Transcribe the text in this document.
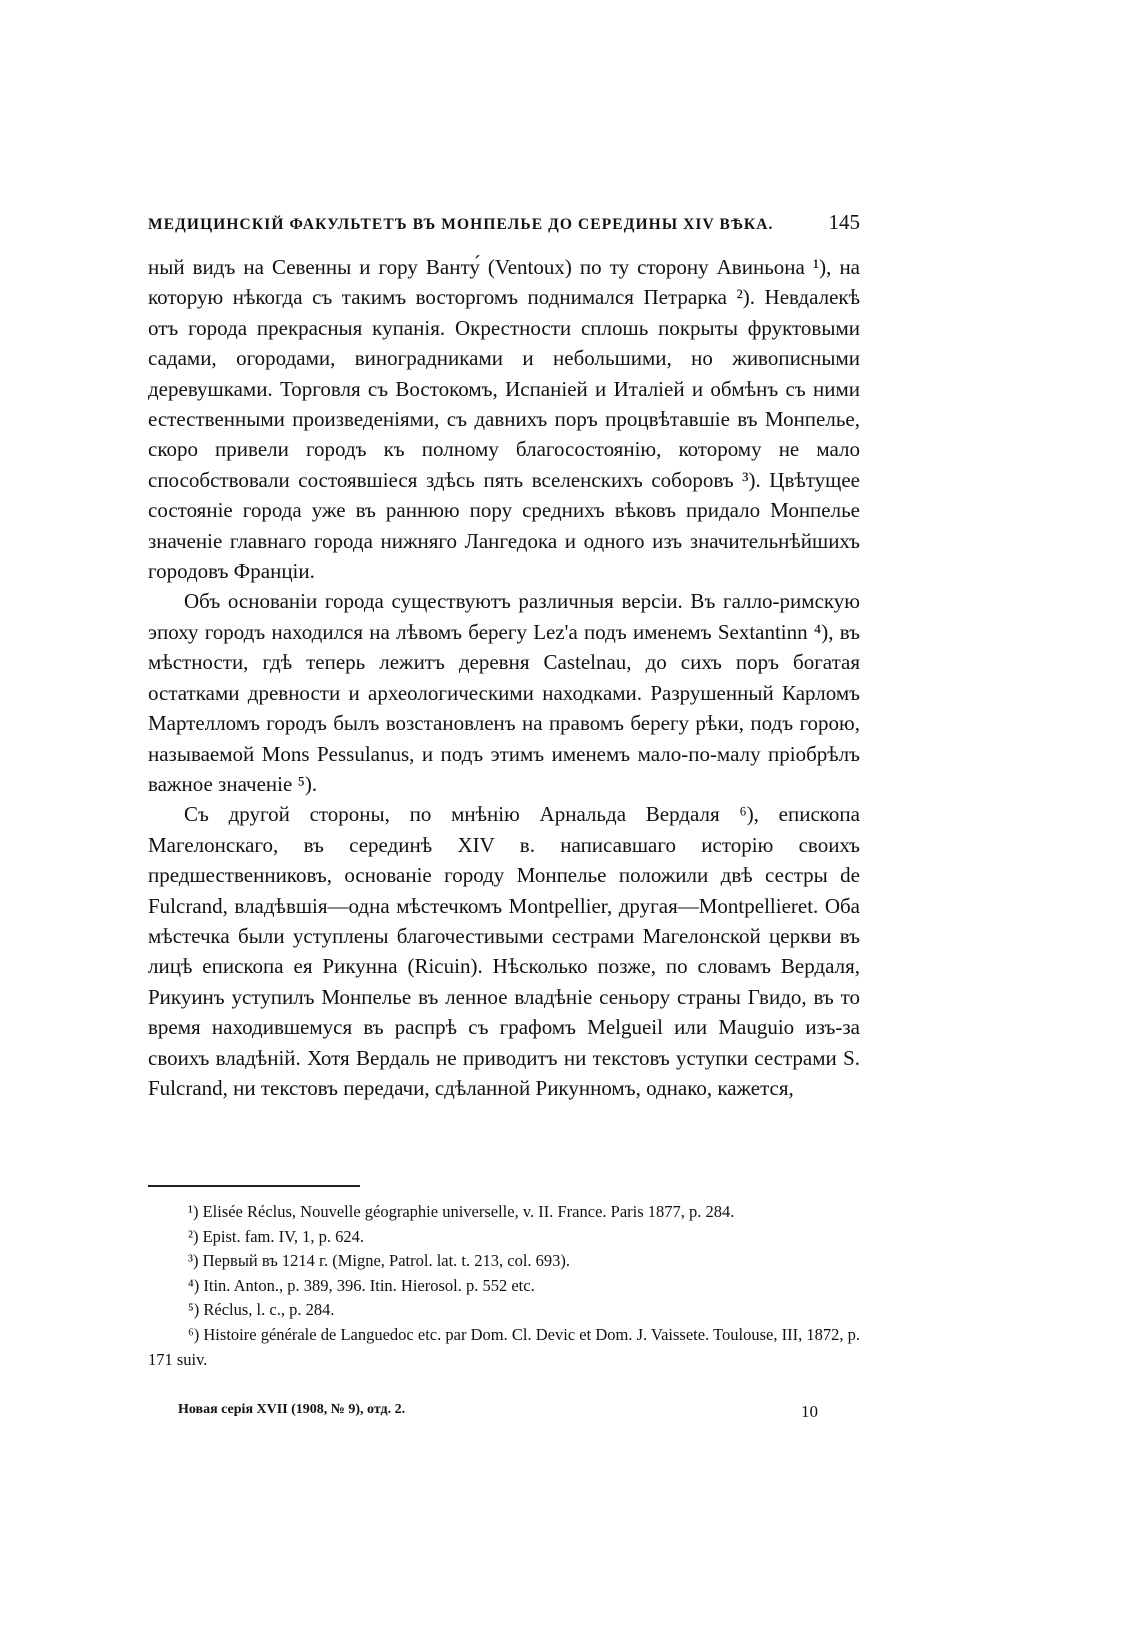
МЕДИЦИНСКІЙ ФАКУЛЬТЕТЪ ВЪ МОНПЕЛЬЕ ДО СЕРЕДИНЫ XIV ВѢКА.	145

ный видъ на Севенны и гору Ванту́ (Ventoux) по ту сторону Авиньона ¹), на которую нѣкогда съ такимъ восторгомъ поднимался Петрарка ²). Невдалекѣ отъ города прекрасныя купанія. Окрестности сплошь покрыты фруктовыми садами, огородами, виноградниками и небольшими, но живописными деревушками. Торговля съ Востокомъ, Испаніей и Италіей и обмѣнъ съ ними естественными произведеніями, съ давнихъ поръ процвѣтавшіе въ Монпелье, скоро привели городъ къ полному благосостоянію, которому не мало способствовали состоявшіеся здѣсь пять вселенскихъ соборовъ ³). Цвѣтущее состояніе города уже въ раннюю пору среднихъ вѣковъ придало Монпелье значеніе главнаго города нижняго Лангедока и одного изъ значительнѣйшихъ городовъ Франціи.

Объ основаніи города существуютъ различныя версіи. Въ галло-римскую эпоху городъ находился на лѣвомъ берегу Lez'а подъ именемъ Sextantinn ⁴), въ мѣстности, гдѣ теперь лежитъ деревня Castelnau, до сихъ поръ богатая остатками древности и археологическими находками. Разрушенный Карломъ Мартелломъ городъ былъ возстановленъ на правомъ берегу рѣки, подъ горою, называемой Mons Pessulanus, и подъ этимъ именемъ мало-по-малу пріобрѣлъ важное значеніе ⁵).

Съ другой стороны, по мнѣнію Арнальда Вердаля ⁶), епископа Магелонскаго, въ серединѣ XIV в. написавшаго исторію своихъ предшественниковъ, основаніе городу Монпелье положили двѣ сестры de Fulcrand, владѣвшія—одна мѣстечкомъ Montpellier, другая—Montpellieret. Оба мѣстечка были уступлены благочестивыми сестрами Магелонской церкви въ лицѣ епископа ея Рикунна (Ricuin). Нѣсколько позже, по словамъ Вердаля, Рикуинъ уступилъ Монпелье въ ленное владѣніе сеньору страны Гвидо, въ то время находившемуся въ распрѣ съ графомъ Melgueil или Mauguio изъ-за своихъ владѣній. Хотя Вердаль не приводитъ ни текстовъ уступки сестрами S. Fulcrand, ни текстовъ передачи, сдѣланной Рикунномъ, однако, кажется,

¹) Elisée Réclus, Nouvelle géographie universelle, v. II. France. Paris 1877, p. 284.

²) Epist. fam. IV, 1, p. 624.

³) Первый въ 1214 г. (Migne, Patrol. lat. t. 213, col. 693).

⁴) Itin. Anton., p. 389, 396. Itin. Hierosol. p. 552 etc.

⁵) Réclus, l. c., p. 284.

⁶) Histoire générale de Languedoc etc. par Dom. Cl. Devic et Dom. J. Vaissete. Toulouse, III, 1872, p. 171 suiv.

Новая серія XVII (1908, № 9), отд. 2.	10
